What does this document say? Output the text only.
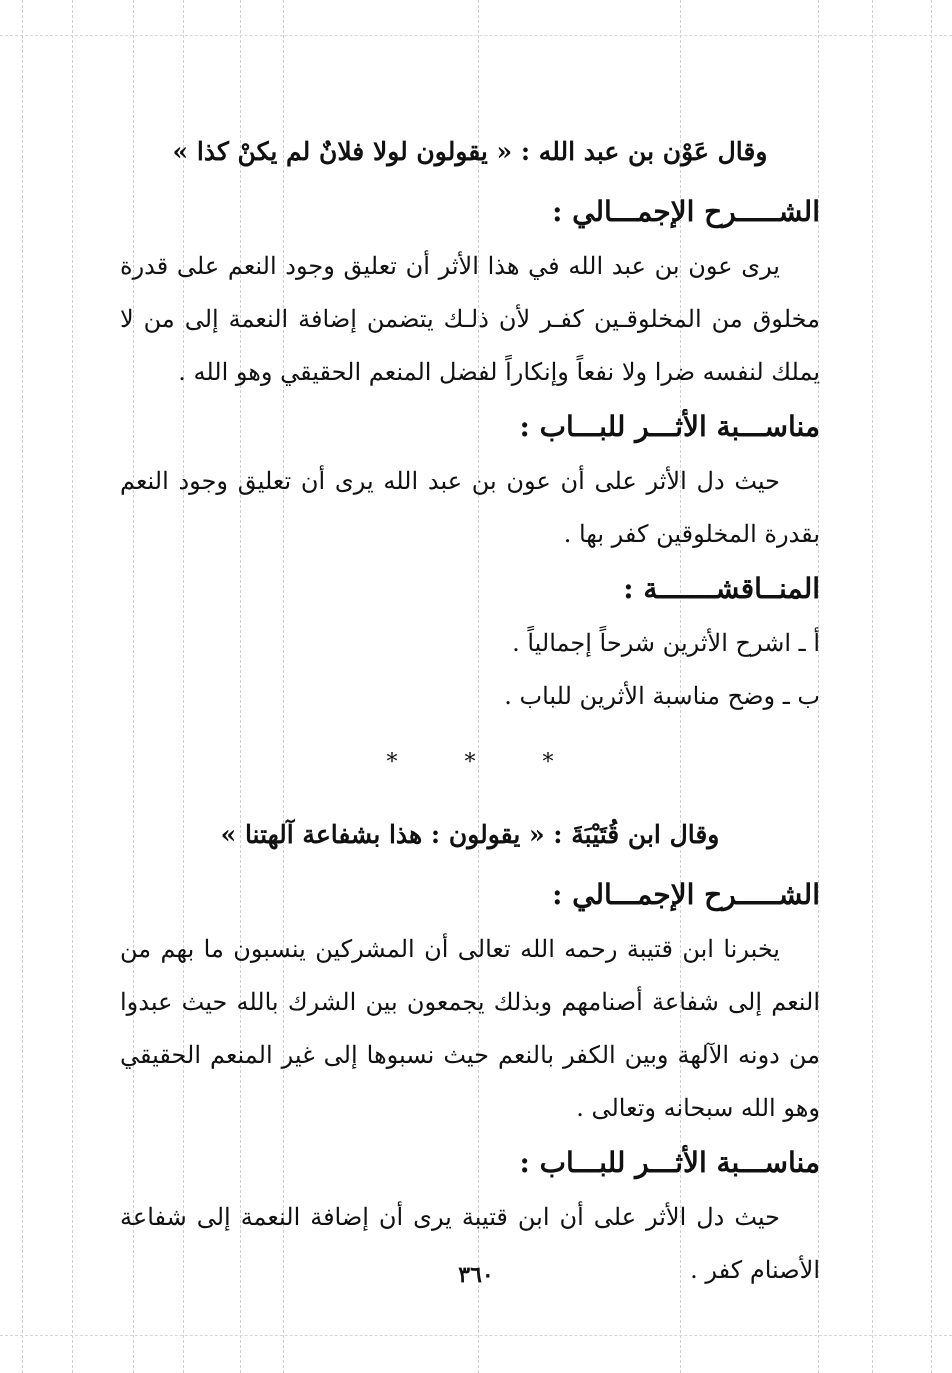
وقال عَوْن بن عبد الله : « يقولون لولا فلانٌ لم يكنْ كذا »
الشـــــرح الإجمـــالي :
يرى عون بن عبد الله في هذا الأثر أن تعليق وجود النعم على قدرة
مخلوق من المخلوقـين كفـر لأن ذلـك يتضمن إضافة النعمة إلى من لا
يملك لنفسه ضرا ولا نفعاً وإنكاراً لفضل المنعم الحقيقي وهو الله .
مناســـبة الأثـــر للبـــاب :
حيث دل الأثر على أن عون بن عبد الله يرى أن تعليق وجود النعم
بقدرة المخلوقين كفر بها .
المنــاقشـــــــة :
أ ـ اشرح الأثرين شرحاً إجمالياً .
ب ـ وضح مناسبة الأثرين للباب .
* * *
وقال ابن قُتَيْبَةَ : « يقولون : هذا بشفاعة آلهتنا »
الشـــــرح الإجمـــالي :
يخبرنا ابن قتيبة رحمه الله تعالى أن المشركين ينسبون ما بهم من
النعم إلى شفاعة أصنامهم وبذلك يجمعون بين الشرك بالله حيث عبدوا
من دونه الآلهة وبين الكفر بالنعم حيث نسبوها إلى غير المنعم الحقيقي
وهو الله سبحانه وتعالى .
مناســـبة الأثـــر للبـــاب :
حيث دل الأثر على أن ابن قتيبة يرى أن إضافة النعمة إلى شفاعة
الأصنام كفر .
٣٦٠
